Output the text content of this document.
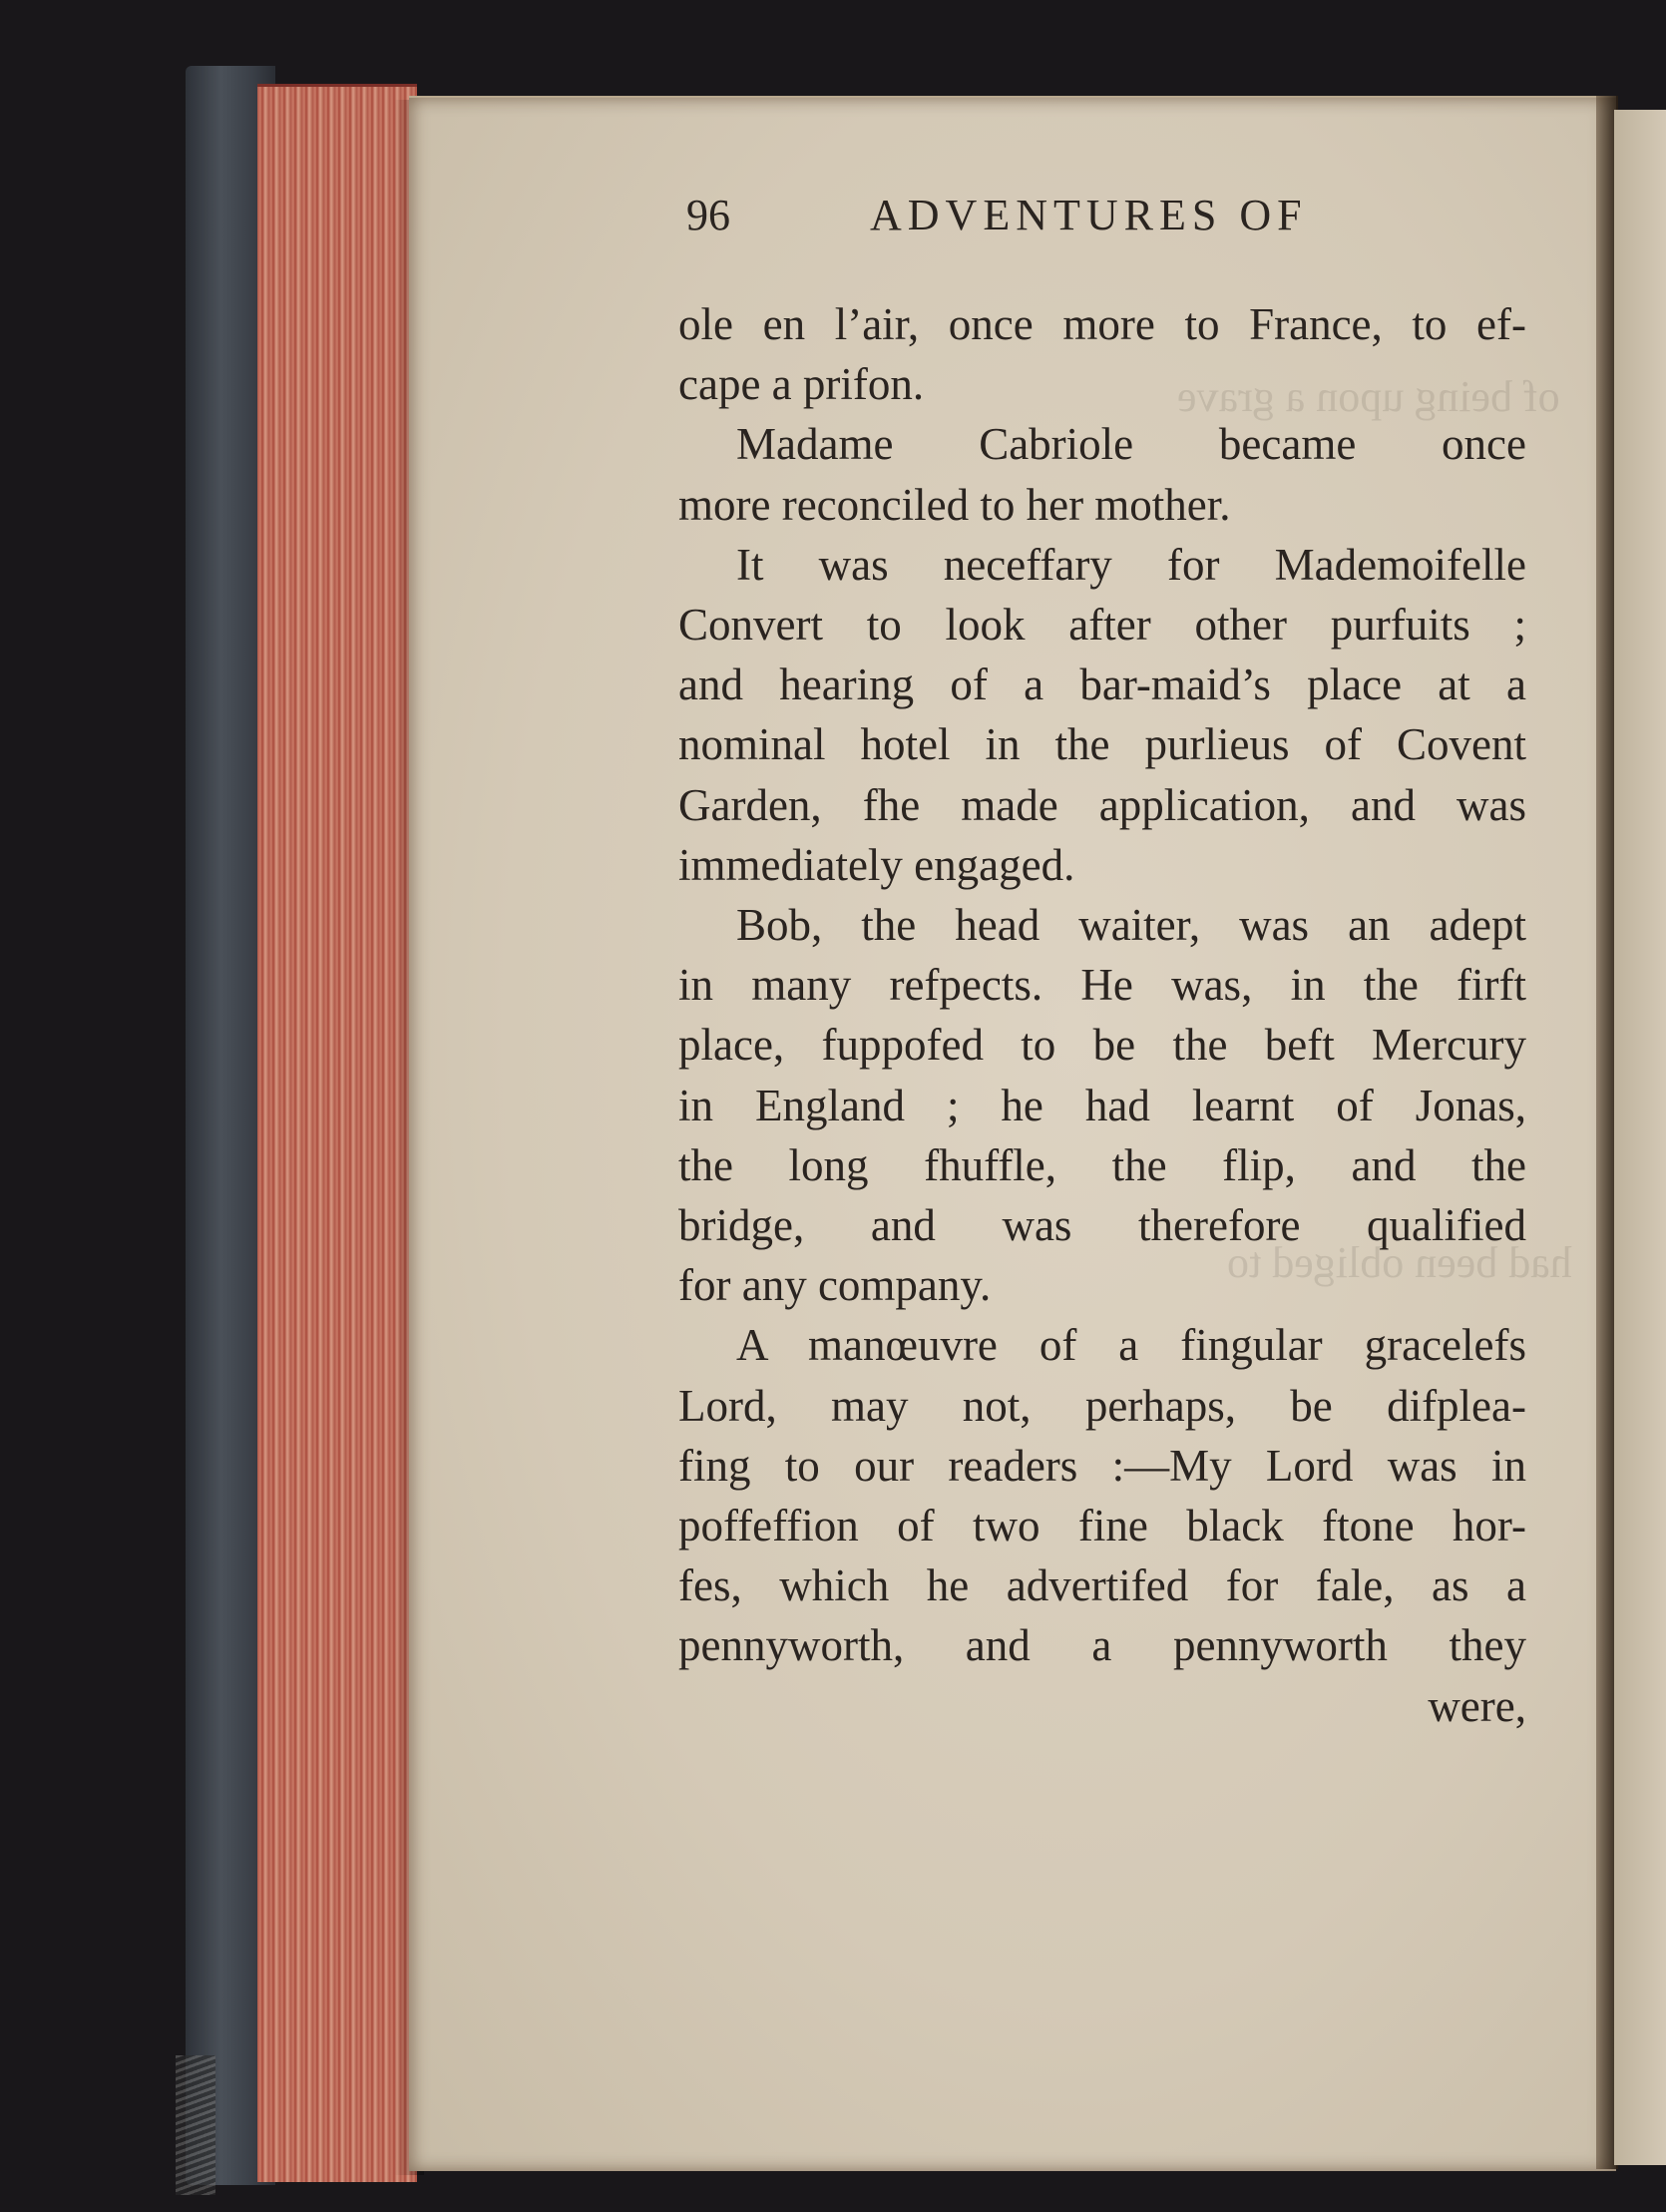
of being upon a grave
had been obliged to
96	ADVENTURES OF
ole en l’air, once more to France, to ef-
cape a prifon.
Madame Cabriole became once
more reconciled to her mother.
It was neceffary for Mademoifelle
Convert to look after other purfuits ;
and hearing of a bar-maid’s place at a
nominal hotel in the purlieus of Covent
Garden, fhe made application, and was
immediately engaged.
Bob, the head waiter, was an adept
in many refpects. He was, in the firft
place, fuppofed to be the beft Mercury
in England ; he had learnt of Jonas,
the long fhuffle, the flip, and the
bridge, and was therefore qualified
for any company.
A manœuvre of a fingular gracelefs
Lord, may not, perhaps, be difplea-
fing to our readers :—My Lord was in
poffeffion of two fine black ftone hor-
fes, which he advertifed for fale, as a
pennyworth, and a pennyworth they
were,
